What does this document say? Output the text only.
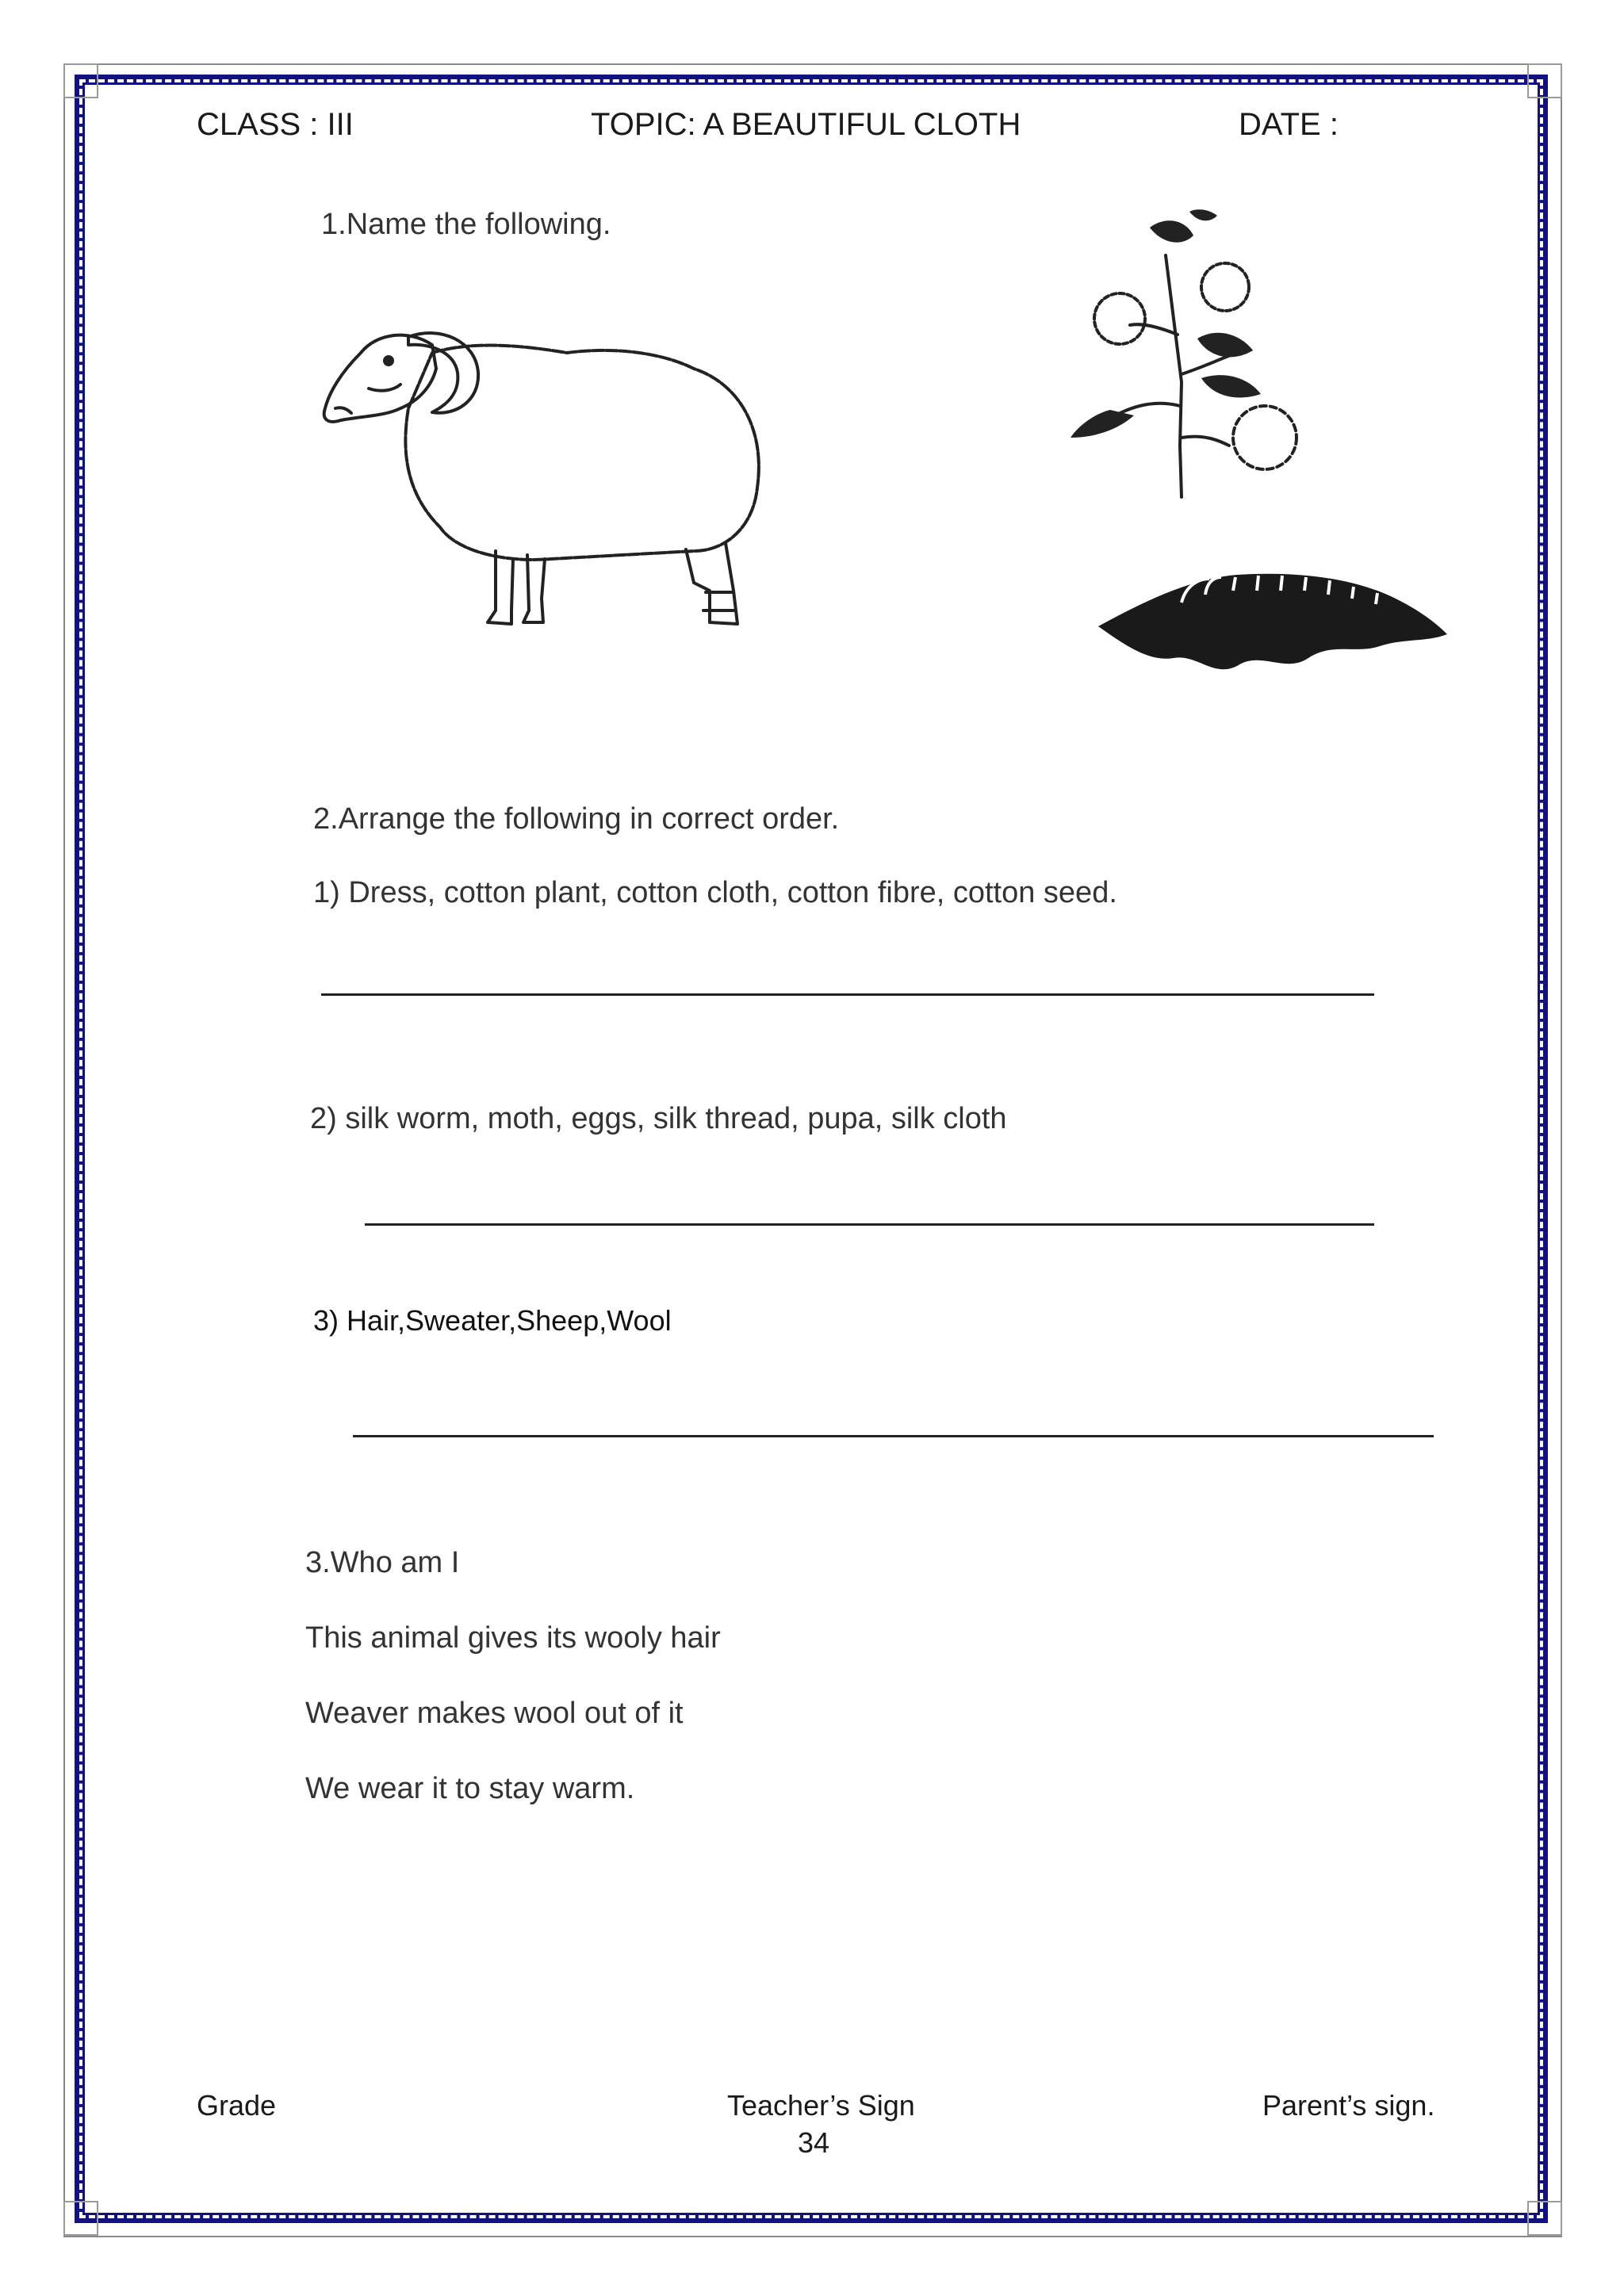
CLASS : III	TOPIC: A BEAUTIFUL CLOTH	DATE :
1.Name the following.
2.Arrange the following in correct order.
1) Dress, cotton plant, cotton cloth, cotton fibre, cotton seed.
2) silk worm, moth, eggs, silk thread, pupa, silk cloth
3) Hair,Sweater,Sheep,Wool
3.Who am I
This animal gives its wooly hair
Weaver makes wool out of it
We wear it to stay warm.
Grade	Teacher’s Sign	Parent’s sign.
34
